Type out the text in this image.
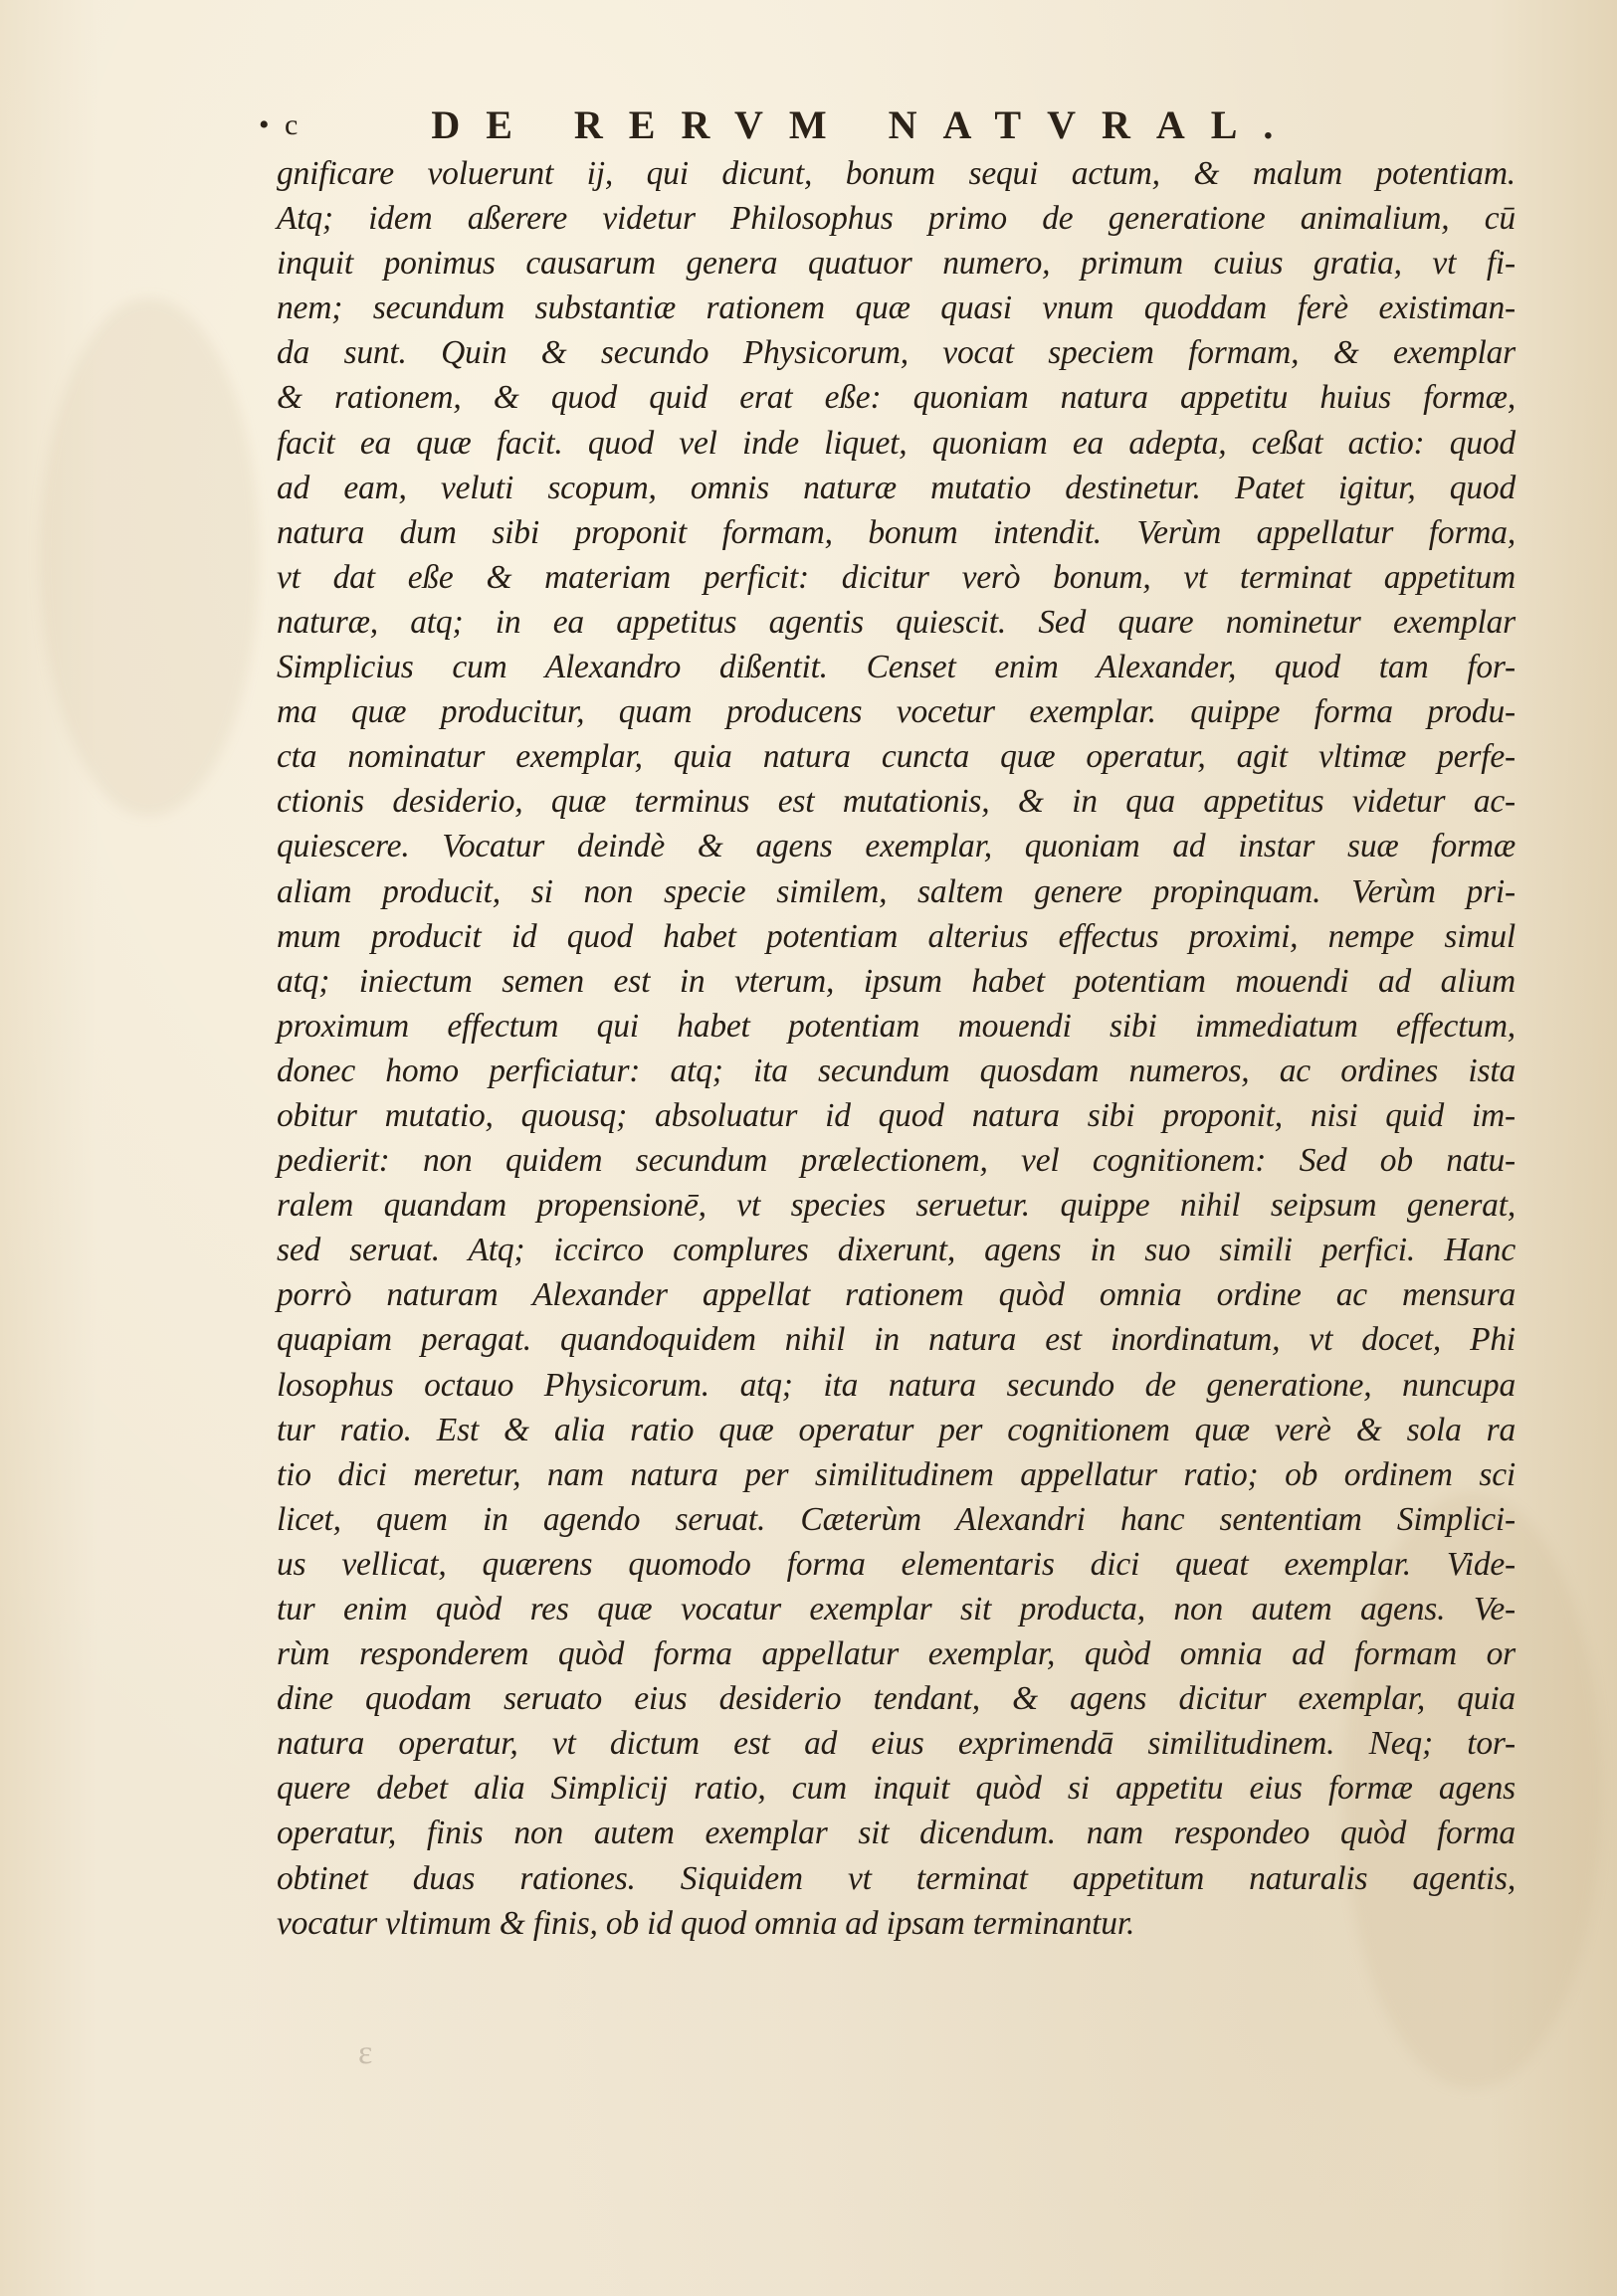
• c	DE RERVM NATVRAL.
gnificare voluerunt ij, qui dicunt, bonum sequi actum, & malum potentiam.
Atq; idem aßerere videtur Philosophus primo de generatione animalium, cū
inquit ponimus causarum genera quatuor numero, primum cuius gratia, vt fi-
nem; secundum substantiæ rationem quæ quasi vnum quoddam ferè existiman-
da sunt. Quin & secundo Physicorum, vocat speciem formam, & exemplar
& rationem, & quod quid erat eße: quoniam natura appetitu huius formæ,
facit ea quæ facit. quod vel inde liquet, quoniam ea adepta, ceßat actio: quod
ad eam, veluti scopum, omnis naturæ mutatio destinetur. Patet igitur, quod
natura dum sibi proponit formam, bonum intendit. Verùm appellatur forma,
vt dat eße & materiam perficit: dicitur verò bonum, vt terminat appetitum
naturæ, atq; in ea appetitus agentis quiescit. Sed quare nominetur exemplar
Simplicius cum Alexandro dißentit. Censet enim Alexander, quod tam for-
ma quæ producitur, quam producens vocetur exemplar. quippe forma produ-
cta nominatur exemplar, quia natura cuncta quæ operatur, agit vltimæ perfe-
ctionis desiderio, quæ terminus est mutationis, & in qua appetitus videtur ac-
quiescere. Vocatur deindè & agens exemplar, quoniam ad instar suæ formæ
aliam producit, si non specie similem, saltem genere propinquam. Verùm pri-
mum producit id quod habet potentiam alterius effectus proximi, nempe simul
atq; iniectum semen est in vterum, ipsum habet potentiam mouendi ad alium
proximum effectum qui habet potentiam mouendi sibi immediatum effectum,
donec homo perficiatur: atq; ita secundum quosdam numeros, ac ordines ista
obitur mutatio, quousq; absoluatur id quod natura sibi proponit, nisi quid im-
pedierit: non quidem secundum prælectionem, vel cognitionem: Sed ob natu-
ralem quandam propensionē, vt species seruetur. quippe nihil seipsum generat,
sed seruat. Atq; iccirco complures dixerunt, agens in suo simili perfici. Hanc
porrò naturam Alexander appellat rationem quòd omnia ordine ac mensura
quapiam peragat. quandoquidem nihil in natura est inordinatum, vt docet, Phi
losophus octauo Physicorum. atq; ita natura secundo de generatione, nuncupa
tur ratio. Est & alia ratio quæ operatur per cognitionem quæ verè & sola ra
tio dici meretur, nam natura per similitudinem appellatur ratio; ob ordinem sci
licet, quem in agendo seruat. Cæterùm Alexandri hanc sententiam Simplici-
us vellicat, quærens quomodo forma elementaris dici queat exemplar. Vide-
tur enim quòd res quæ vocatur exemplar sit producta, non autem agens. Ve-
rùm responderem quòd forma appellatur exemplar, quòd omnia ad formam or
dine quodam seruato eius desiderio tendant, & agens dicitur exemplar, quia
natura operatur, vt dictum est ad eius exprimendā similitudinem. Neq; tor-
quere debet alia Simplicij ratio, cum inquit quòd si appetitu eius formæ agens
operatur, finis non autem exemplar sit dicendum. nam respondeo quòd forma
obtinet duas rationes. Siquidem vt terminat appetitum naturalis agentis,
vocatur vltimum & finis, ob id quod omnia ad ipsam terminantur.
ε
